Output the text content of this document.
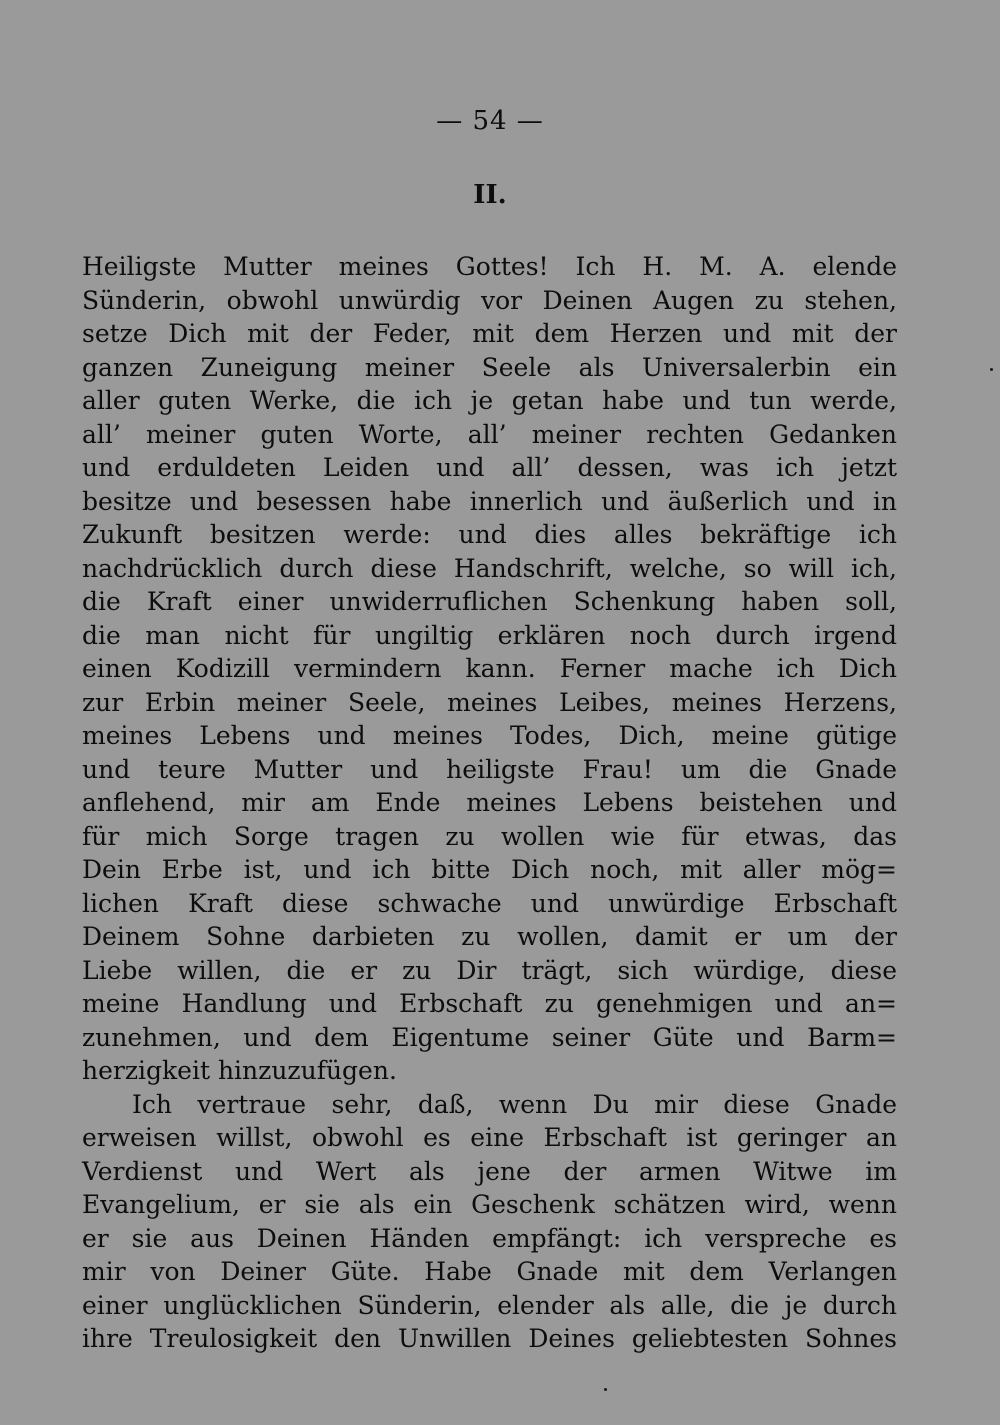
— 54 —
II.
Heiligste Mutter meines Gottes! Ich H. M. A. elende
Sünderin, obwohl unwürdig vor Deinen Augen zu stehen,
setze Dich mit der Feder, mit dem Herzen und mit der
ganzen Zuneigung meiner Seele als Universalerbin ein
aller guten Werke, die ich je getan habe und tun werde,
all’ meiner guten Worte, all’ meiner rechten Gedanken
und erduldeten Leiden und all’ dessen, was ich jetzt
besitze und besessen habe innerlich und äußerlich und in
Zukunft besitzen werde: und dies alles bekräftige ich
nachdrücklich durch diese Handschrift, welche, so will ich,
die Kraft einer unwiderruflichen Schenkung haben soll,
die man nicht für ungiltig erklären noch durch irgend
einen Kodizill vermindern kann. Ferner mache ich Dich
zur Erbin meiner Seele, meines Leibes, meines Herzens,
meines Lebens und meines Todes, Dich, meine gütige
und teure Mutter und heiligste Frau! um die Gnade
anflehend, mir am Ende meines Lebens beistehen und
für mich Sorge tragen zu wollen wie für etwas, das
Dein Erbe ist, und ich bitte Dich noch, mit aller mög=
lichen Kraft diese schwache und unwürdige Erbschaft
Deinem Sohne darbieten zu wollen, damit er um der
Liebe willen, die er zu Dir trägt, sich würdige, diese
meine Handlung und Erbschaft zu genehmigen und an=
zunehmen, und dem Eigentume seiner Güte und Barm=
herzigkeit hinzuzufügen.
Ich vertraue sehr, daß, wenn Du mir diese Gnade
erweisen willst, obwohl es eine Erbschaft ist geringer an
Verdienst und Wert als jene der armen Witwe im
Evangelium, er sie als ein Geschenk schätzen wird, wenn
er sie aus Deinen Händen empfängt: ich verspreche es
mir von Deiner Güte. Habe Gnade mit dem Verlangen
einer unglücklichen Sünderin, elender als alle, die je durch
ihre Treulosigkeit den Unwillen Deines geliebtesten Sohnes
